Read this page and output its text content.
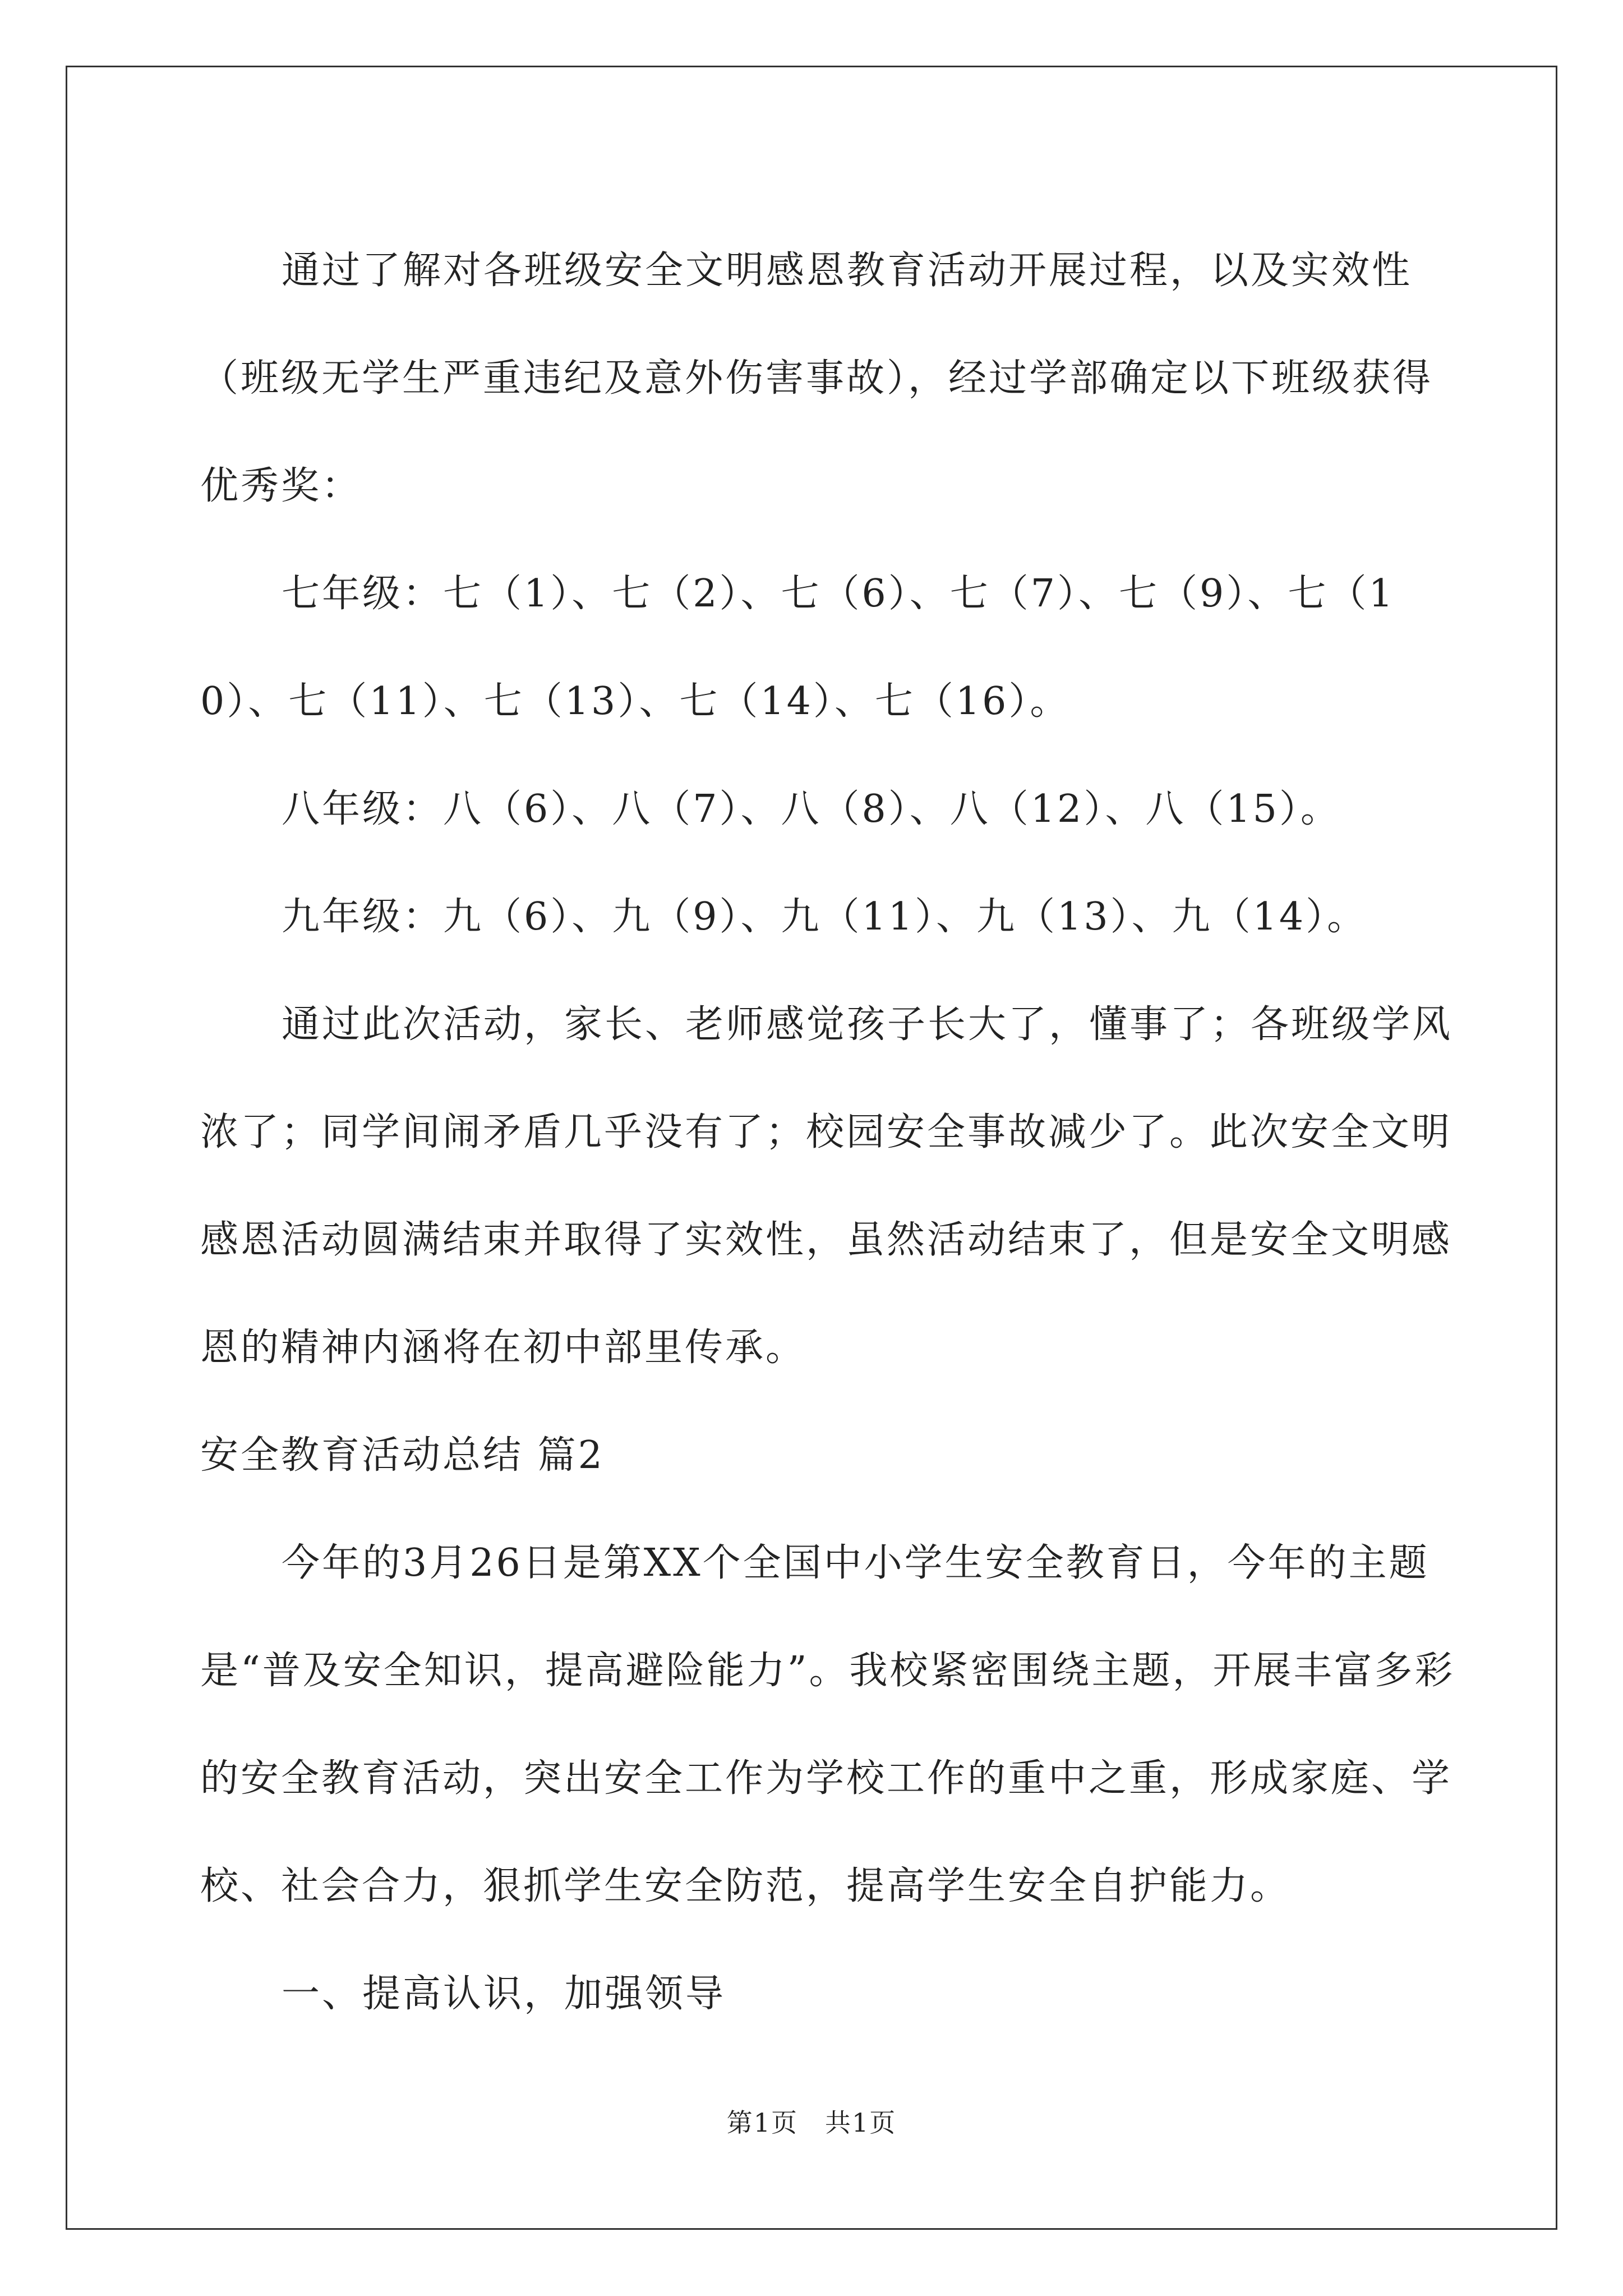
通过了解对各班级安全文明感恩教育活动开展过程，以及实效性（班级无学生严重违纪及意外伤害事故），经过学部确定以下班级获得优秀奖：

七年级：七（1）、七（2）、七（6）、七（7）、七（9）、七（10）、七（11）、七（13）、七（14）、七（16）。

八年级：八（6）、八（7）、八（8）、八（12）、八（15）。

九年级：九（6）、九（9）、九（11）、九（13）、九（14）。

通过此次活动，家长、老师感觉孩子长大了，懂事了；各班级学风浓了；同学间闹矛盾几乎没有了；校园安全事故减少了。此次安全文明感恩活动圆满结束并取得了实效性，虽然活动结束了，但是安全文明感恩的精神内涵将在初中部里传承。

安全教育活动总结 篇2

今年的3月26日是第XX个全国中小学生安全教育日，今年的主题是“普及安全知识，提高避险能力”。我校紧密围绕主题，开展丰富多彩的安全教育活动，突出安全工作为学校工作的重中之重，形成家庭、学校、社会合力，狠抓学生安全防范，提高学生安全自护能力。

一、提高认识，加强领导

第1页　共1页
